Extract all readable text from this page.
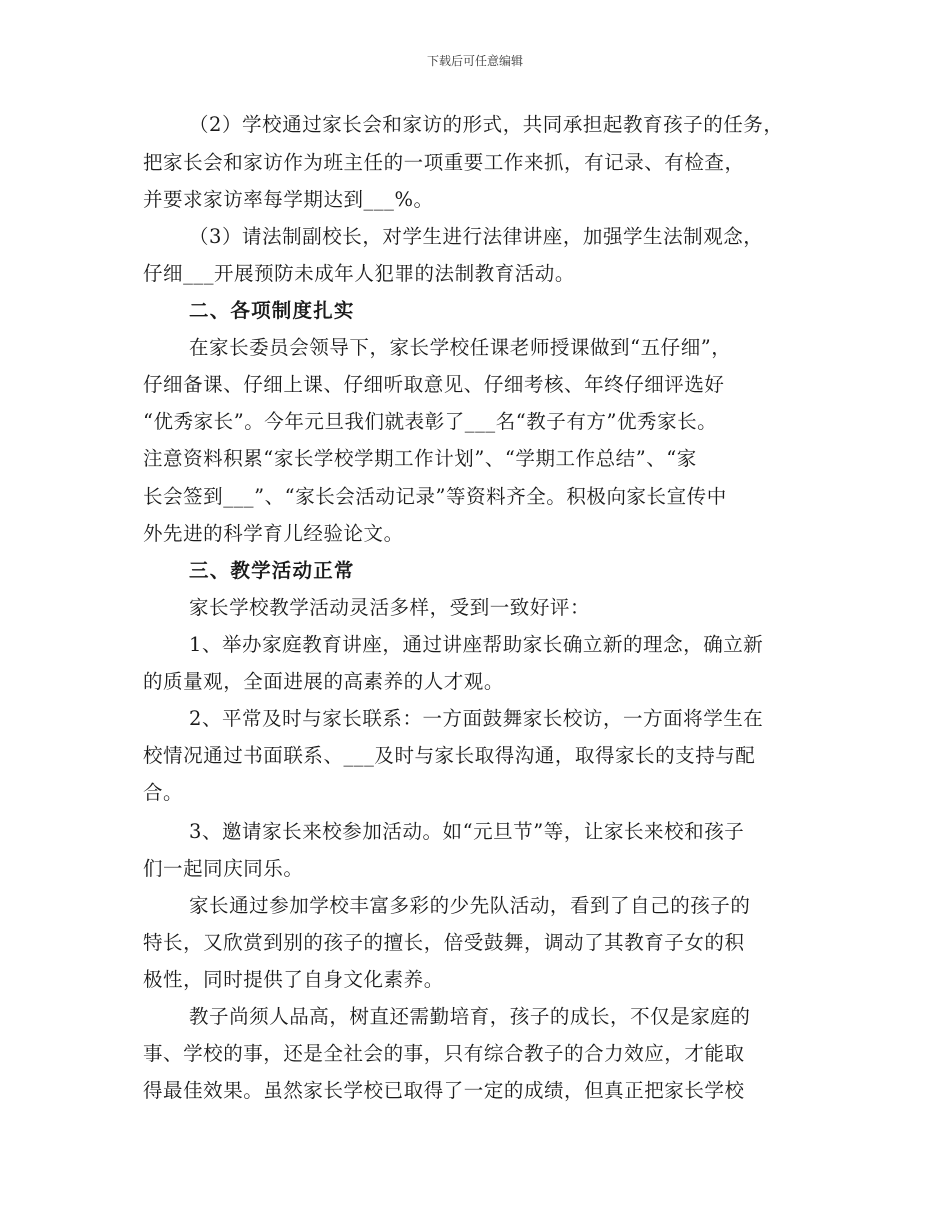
下载后可任意编辑
（2）学校通过家长会和家访的形式，共同承担起教育孩子的任务，
把家长会和家访作为班主任的一项重要工作来抓，有记录、有检查，
并要求家访率每学期达到___%。
（3）请法制副校长，对学生进行法律讲座，加强学生法制观念，
仔细___开展预防未成年人犯罪的法制教育活动。
二、各项制度扎实
在家长委员会领导下，家长学校任课老师授课做到“五仔细”，
仔细备课、仔细上课、仔细听取意见、仔细考核、年终仔细评选好
“优秀家长”。今年元旦我们就表彰了___名“教子有方”优秀家长。
注意资料积累“家长学校学期工作计划”、“学期工作总结”、“家
长会签到___”、“家长会活动记录”等资料齐全。积极向家长宣传中
外先进的科学育儿经验论文。
三、教学活动正常
家长学校教学活动灵活多样，受到一致好评：
1、举办家庭教育讲座，通过讲座帮助家长确立新的理念，确立新
的质量观，全面进展的高素养的人才观。
2、平常及时与家长联系：一方面鼓舞家长校访，一方面将学生在
校情况通过书面联系、___及时与家长取得沟通，取得家长的支持与配
合。
3、邀请家长来校参加活动。如“元旦节”等，让家长来校和孩子
们一起同庆同乐。
家长通过参加学校丰富多彩的少先队活动，看到了自己的孩子的
特长，又欣赏到别的孩子的擅长，倍受鼓舞，调动了其教育子女的积
极性，同时提供了自身文化素养。
教子尚须人品高，树直还需勤培育，孩子的成长，不仅是家庭的
事、学校的事，还是全社会的事，只有综合教子的合力效应，才能取
得最佳效果。虽然家长学校已取得了一定的成绩，但真正把家长学校
